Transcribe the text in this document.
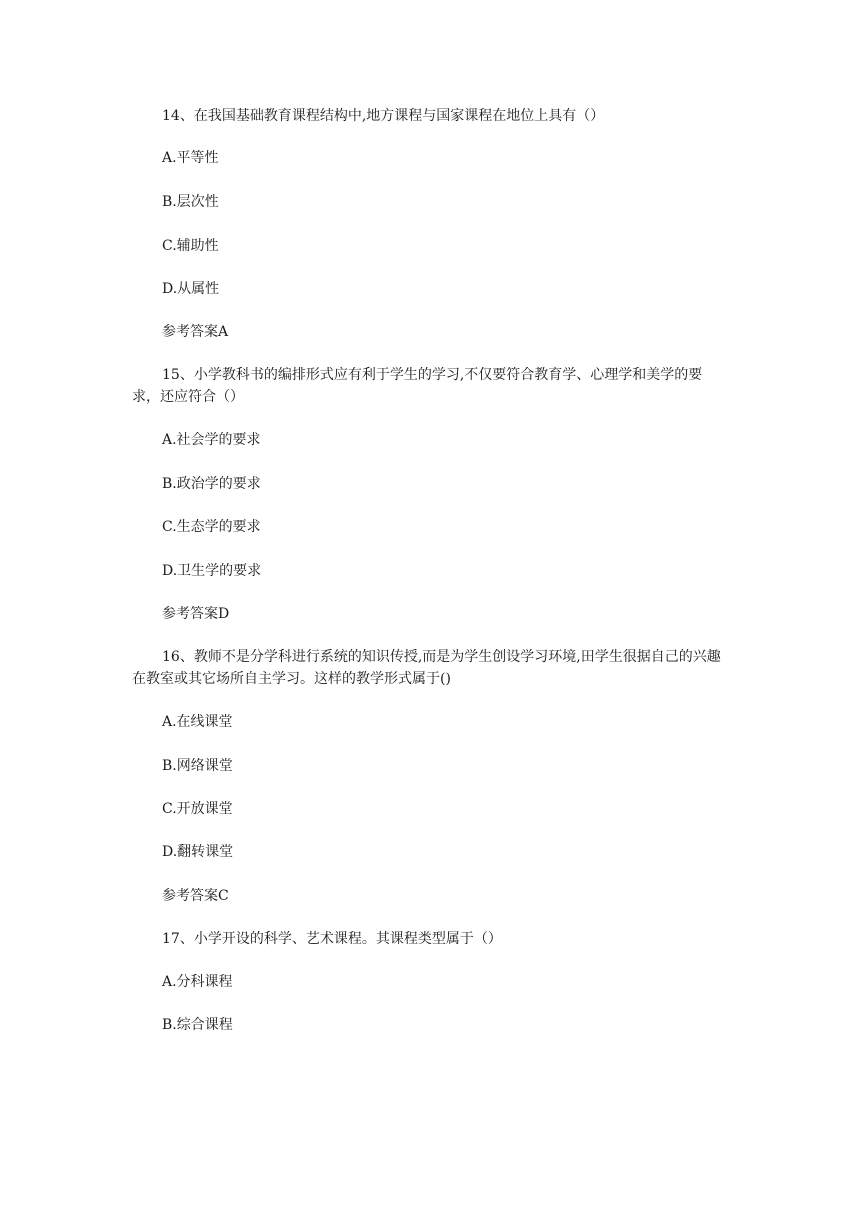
14、在我国基础教育课程结构中,地方课程与国家课程在地位上具有（）
A.平等性
B.层次性
C.辅助性
D.从属性
参考答案A
15、小学教科书的编排形式应有利于学生的学习,不仅要符合教育学、心理学和美学的要求，还应符合（）
A.社会学的要求
B.政治学的要求
C.生态学的要求
D.卫生学的要求
参考答案D
16、教师不是分学科进行系统的知识传授,而是为学生创设学习环境,田学生很据自己的兴趣在教室或其它场所自主学习。这样的教学形式属于()
A.在线课堂
B.网络课堂
C.开放课堂
D.翻转课堂
参考答案C
17、小学开设的科学、艺术课程。其课程类型属于（）
A.分科课程
B.综合课程
